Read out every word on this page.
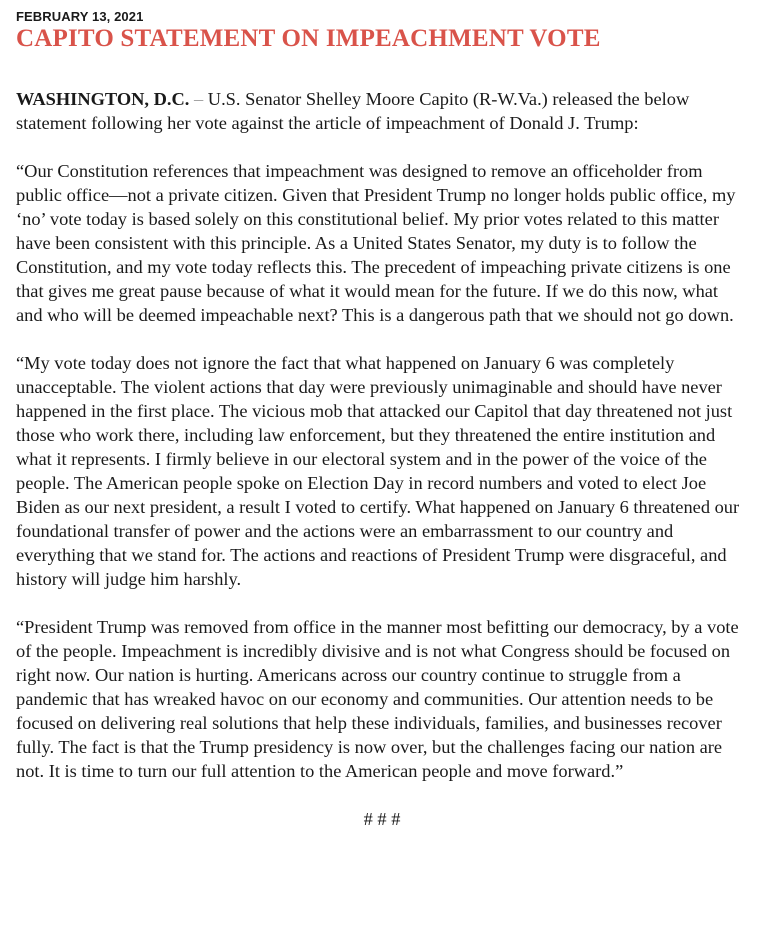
FEBRUARY 13, 2021

CAPITO STATEMENT ON IMPEACHMENT VOTE

WASHINGTON, D.C. – U.S. Senator Shelley Moore Capito (R-W.Va.) released the below statement following her vote against the article of impeachment of Donald J. Trump:

“Our Constitution references that impeachment was designed to remove an officeholder from public office—not a private citizen. Given that President Trump no longer holds public office, my ‘no’ vote today is based solely on this constitutional belief. My prior votes related to this matter have been consistent with this principle. As a United States Senator, my duty is to follow the Constitution, and my vote today reflects this. The precedent of impeaching private citizens is one that gives me great pause because of what it would mean for the future. If we do this now, what and who will be deemed impeachable next? This is a dangerous path that we should not go down.

“My vote today does not ignore the fact that what happened on January 6 was completely unacceptable. The violent actions that day were previously unimaginable and should have never happened in the first place. The vicious mob that attacked our Capitol that day threatened not just those who work there, including law enforcement, but they threatened the entire institution and what it represents. I firmly believe in our electoral system and in the power of the voice of the people. The American people spoke on Election Day in record numbers and voted to elect Joe Biden as our next president, a result I voted to certify. What happened on January 6 threatened our foundational transfer of power and the actions were an embarrassment to our country and everything that we stand for. The actions and reactions of President Trump were disgraceful, and history will judge him harshly.

“President Trump was removed from office in the manner most befitting our democracy, by a vote of the people. Impeachment is incredibly divisive and is not what Congress should be focused on right now. Our nation is hurting. Americans across our country continue to struggle from a pandemic that has wreaked havoc on our economy and communities. Our attention needs to be focused on delivering real solutions that help these individuals, families, and businesses recover fully. The fact is that the Trump presidency is now over, but the challenges facing our nation are not. It is time to turn our full attention to the American people and move forward.”

# # #
